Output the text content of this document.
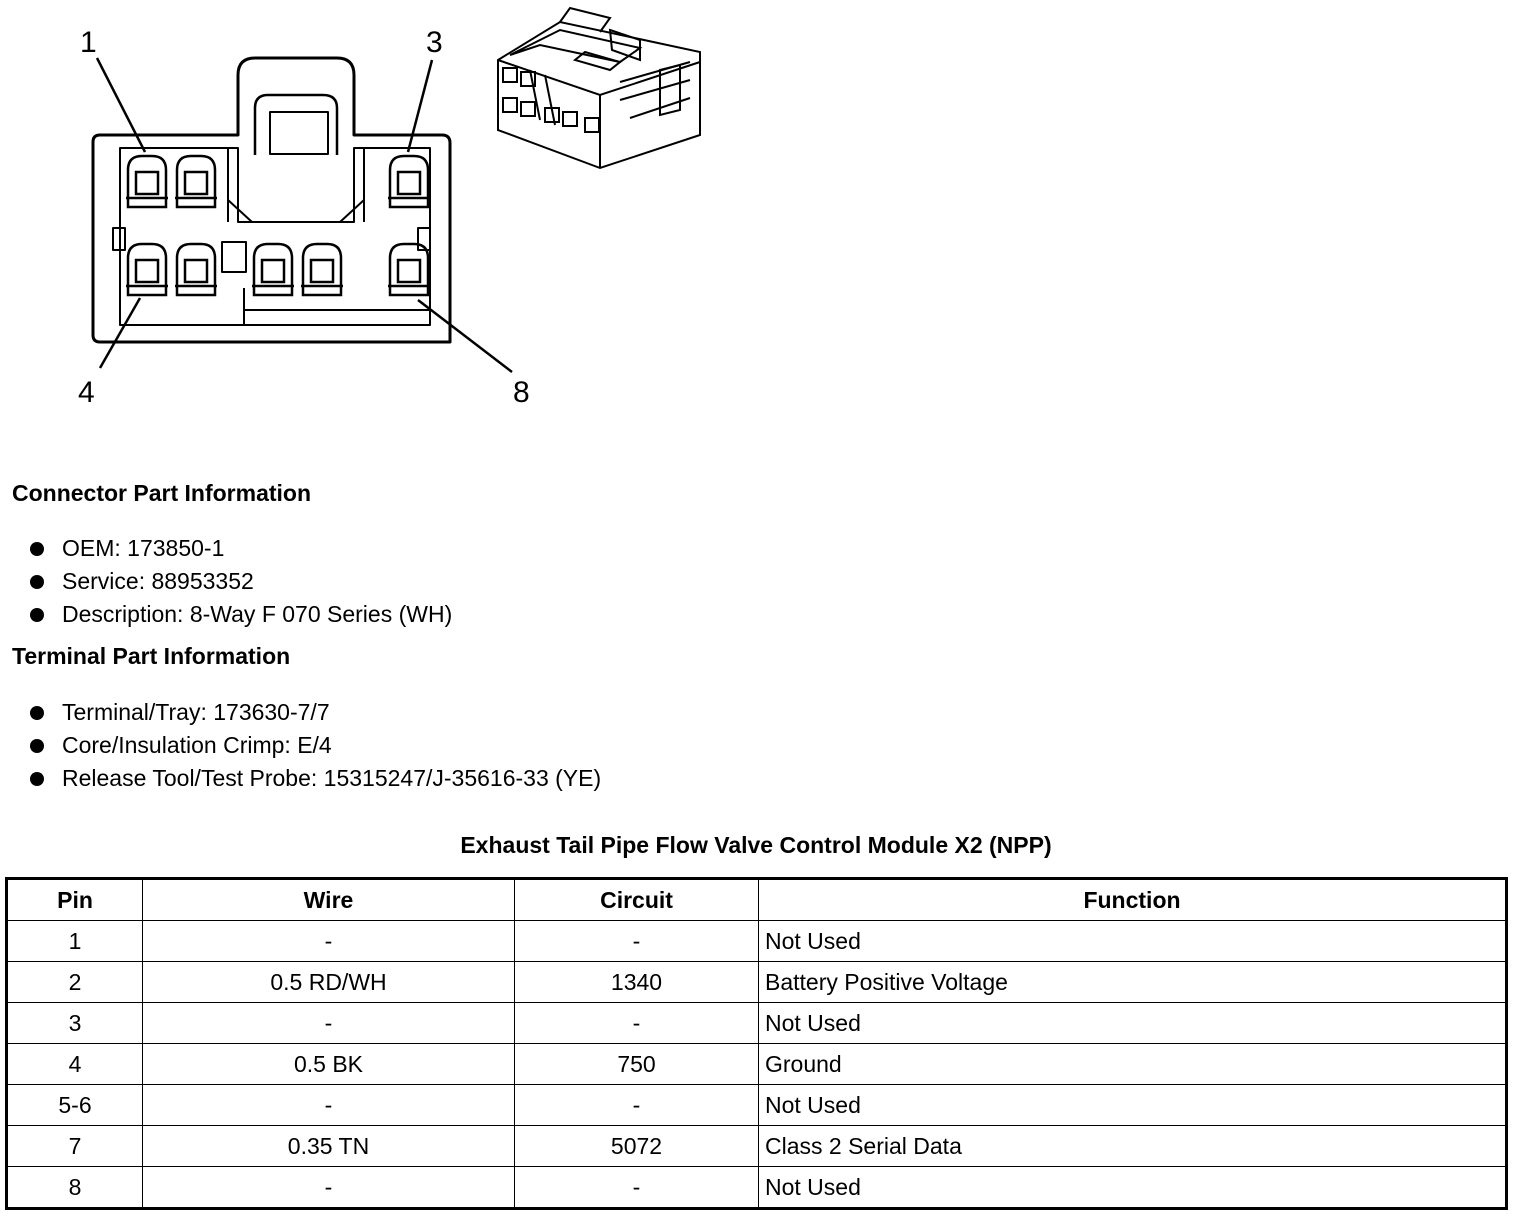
1	3
4	8
Connector Part Information
OEM: 173850-1
Service: 88953352
Description: 8-Way F 070 Series (WH)
Terminal Part Information
Terminal/Tray: 173630-7/7
Core/Insulation Crimp: E/4
Release Tool/Test Probe: 15315247/J-35616-33 (YE)
Exhaust Tail Pipe Flow Valve Control Module X2 (NPP)
Pin	Wire	Circuit	Function
1	-	-	Not Used
2	0.5 RD/WH	1340	Battery Positive Voltage
3	-	-	Not Used
4	0.5 BK	750	Ground
5-6	-	-	Not Used
7	0.35 TN	5072	Class 2 Serial Data
8	-	-	Not Used
